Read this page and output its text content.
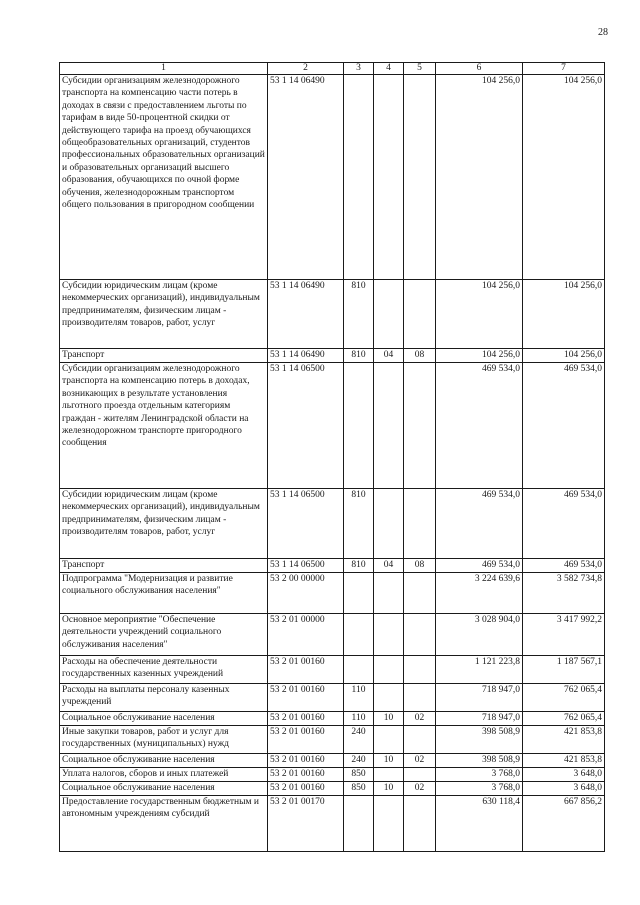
28
1	2	3	4	5	6	7
Субсидии организациям железнодорожного транспорта на компенсацию части потерь в доходах в связи с предоставлением льготы по тарифам в виде 50-процентной скидки от действующего тарифа на проезд обучающихся общеобразовательных организаций, студентов профессиональных образовательных организаций и образовательных организаций высшего образования, обучающихся по очной форме обучения, железнодорожным транспортом общего пользования в пригородном сообщении	53 1 14 06490				104 256,0	104 256,0
Субсидии юридическим лицам (кроме некоммерческих организаций), индивидуальным предпринимателям, физическим лицам - производителям товаров, работ, услуг	53 1 14 06490	810			104 256,0	104 256,0
Транспорт	53 1 14 06490	810	04	08	104 256,0	104 256,0
Субсидии организациям железнодорожного транспорта на компенсацию потерь в доходах, возникающих в результате установления льготного проезда отдельным категориям граждан - жителям Ленинградской области на железнодорожном транспорте пригородного сообщения	53 1 14 06500				469 534,0	469 534,0
Субсидии юридическим лицам (кроме некоммерческих организаций), индивидуальным предпринимателям, физическим лицам - производителям товаров, работ, услуг	53 1 14 06500	810			469 534,0	469 534,0
Транспорт	53 1 14 06500	810	04	08	469 534,0	469 534,0
Подпрограмма "Модернизация и развитие социального обслуживания населения"	53 2 00 00000				3 224 639,6	3 582 734,8
Основное мероприятие "Обеспечение деятельности учреждений социального обслуживания населения"	53 2 01 00000				3 028 904,0	3 417 992,2
Расходы на обеспечение деятельности государственных казенных учреждений	53 2 01 00160				1 121 223,8	1 187 567,1
Расходы на выплаты персоналу казенных учреждений	53 2 01 00160	110			718 947,0	762 065,4
Социальное обслуживание населения	53 2 01 00160	110	10	02	718 947,0	762 065,4
Иные закупки товаров, работ и услуг для государственных (муниципальных) нужд	53 2 01 00160	240			398 508,9	421 853,8
Социальное обслуживание населения	53 2 01 00160	240	10	02	398 508,9	421 853,8
Уплата налогов, сборов и иных платежей	53 2 01 00160	850			3 768,0	3 648,0
Социальное обслуживание населения	53 2 01 00160	850	10	02	3 768,0	3 648,0
Предоставление государственным бюджетным и автономным учреждениям субсидий	53 2 01 00170				630 118,4	667 856,2
